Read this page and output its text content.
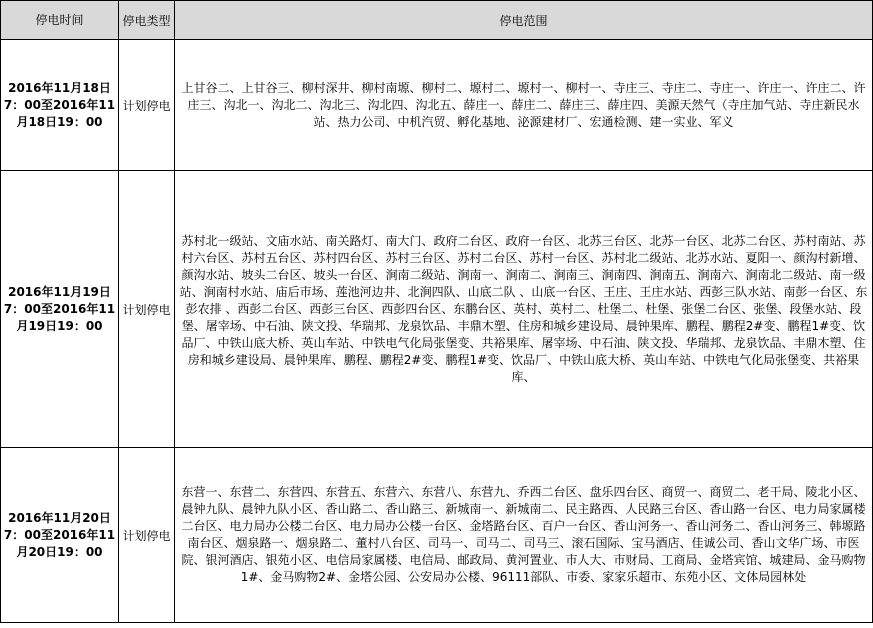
停电时间	停电类型	停电范围
2016年11月18日7：00至2016年11月18日19：00	计划停电	上甘谷二、上甘谷三、柳村深井、柳村南塬、柳村二、塬村二、塬村一、柳村一、寺庄三、寺庄二、寺庄一、许庄一、许庄二、许庄三、沟北一、沟北二、沟北三、沟北四、沟北五、薛庄一、薛庄二、薛庄三、薛庄四、美源天然气（寺庄加气站、寺庄新民水站、热力公司、中机汽贸、孵化基地、泌源建材厂、宏通检测、建一实业、军义
2016年11月19日7：00至2016年11月19日19：00	计划停电	苏村北一级站、文庙水站、南关路灯、南大门、政府二台区、政府一台区、北苏三台区、北苏一台区、北苏二台区、苏村南站、苏村六台区、苏村五台区、苏村四台区、苏村三台区、苏村二台区、苏村一台区、苏村北二级站、北苏水站、夏阳一、颜沟村新增、颜沟水站、坡头二台区、坡头一台区、涧南二级站、涧南一、涧南二、涧南三、涧南四、涧南五、涧南六、涧南北二级站、南一级站、涧南村水站、庙后市场、莲池河边井、北涧四队、山底二队 、山底一台区、王庄、王庄水站、西彭三队水站、南彭一台区、东彭农排 、西彭二台区、西彭三台区、西彭四台区、东鹏台区、英村、英村二、杜堡二、杜堡、张堡二台区、张堡、段堡水站、段堡、屠宰场、中石油、陕文投、华瑞邦、龙泉饮品、丰鼎木塑、住房和城乡建设局、晨钟果库、鹏程、鹏程2#变、鹏程1#变、饮品厂、中铁山底大桥、英山车站、中铁电气化局张堡变、共裕果库、屠宰场、中石油、陕文投、华瑞邦、龙泉饮品、丰鼎木塑、住房和城乡建设局、晨钟果库、鹏程、鹏程2#变、鹏程1#变、饮品厂、中铁山底大桥、英山车站、中铁电气化局张堡变、共裕果库、
2016年11月20日7：00至2016年11月20日19：00	计划停电	东营一、东营二、东营四、东营五、东营六、东营八、东营九、乔西二台区、盘乐四台区、商贸一、商贸二、老干局、陵北小区、晨钟九队、晨钟九队小区、香山路二、香山路三、新城南一、新城南二、民主路西、人民路三台区、香山路一台区、电力局家属楼二台区、电力局办公楼二台区、电力局办公楼一台区、金塔路台区、百户一台区、香山河务一、香山河务二、香山河务三、韩塬路南台区、烟泉路一、烟泉路二、董村八台区、司马一、司马二、司马三、滚石国际、宝马酒店、佳诚公司、香山文华广场、市医院、银河酒店、银苑小区、电信局家属楼、电信局、邮政局、黄河置业、市人大、市财局、工商局、金塔宾馆、城建局、金马购物1#、金马购物2#、金塔公园、公安局办公楼、96111部队、市委、家家乐超市、东苑小区、文体局园林处
